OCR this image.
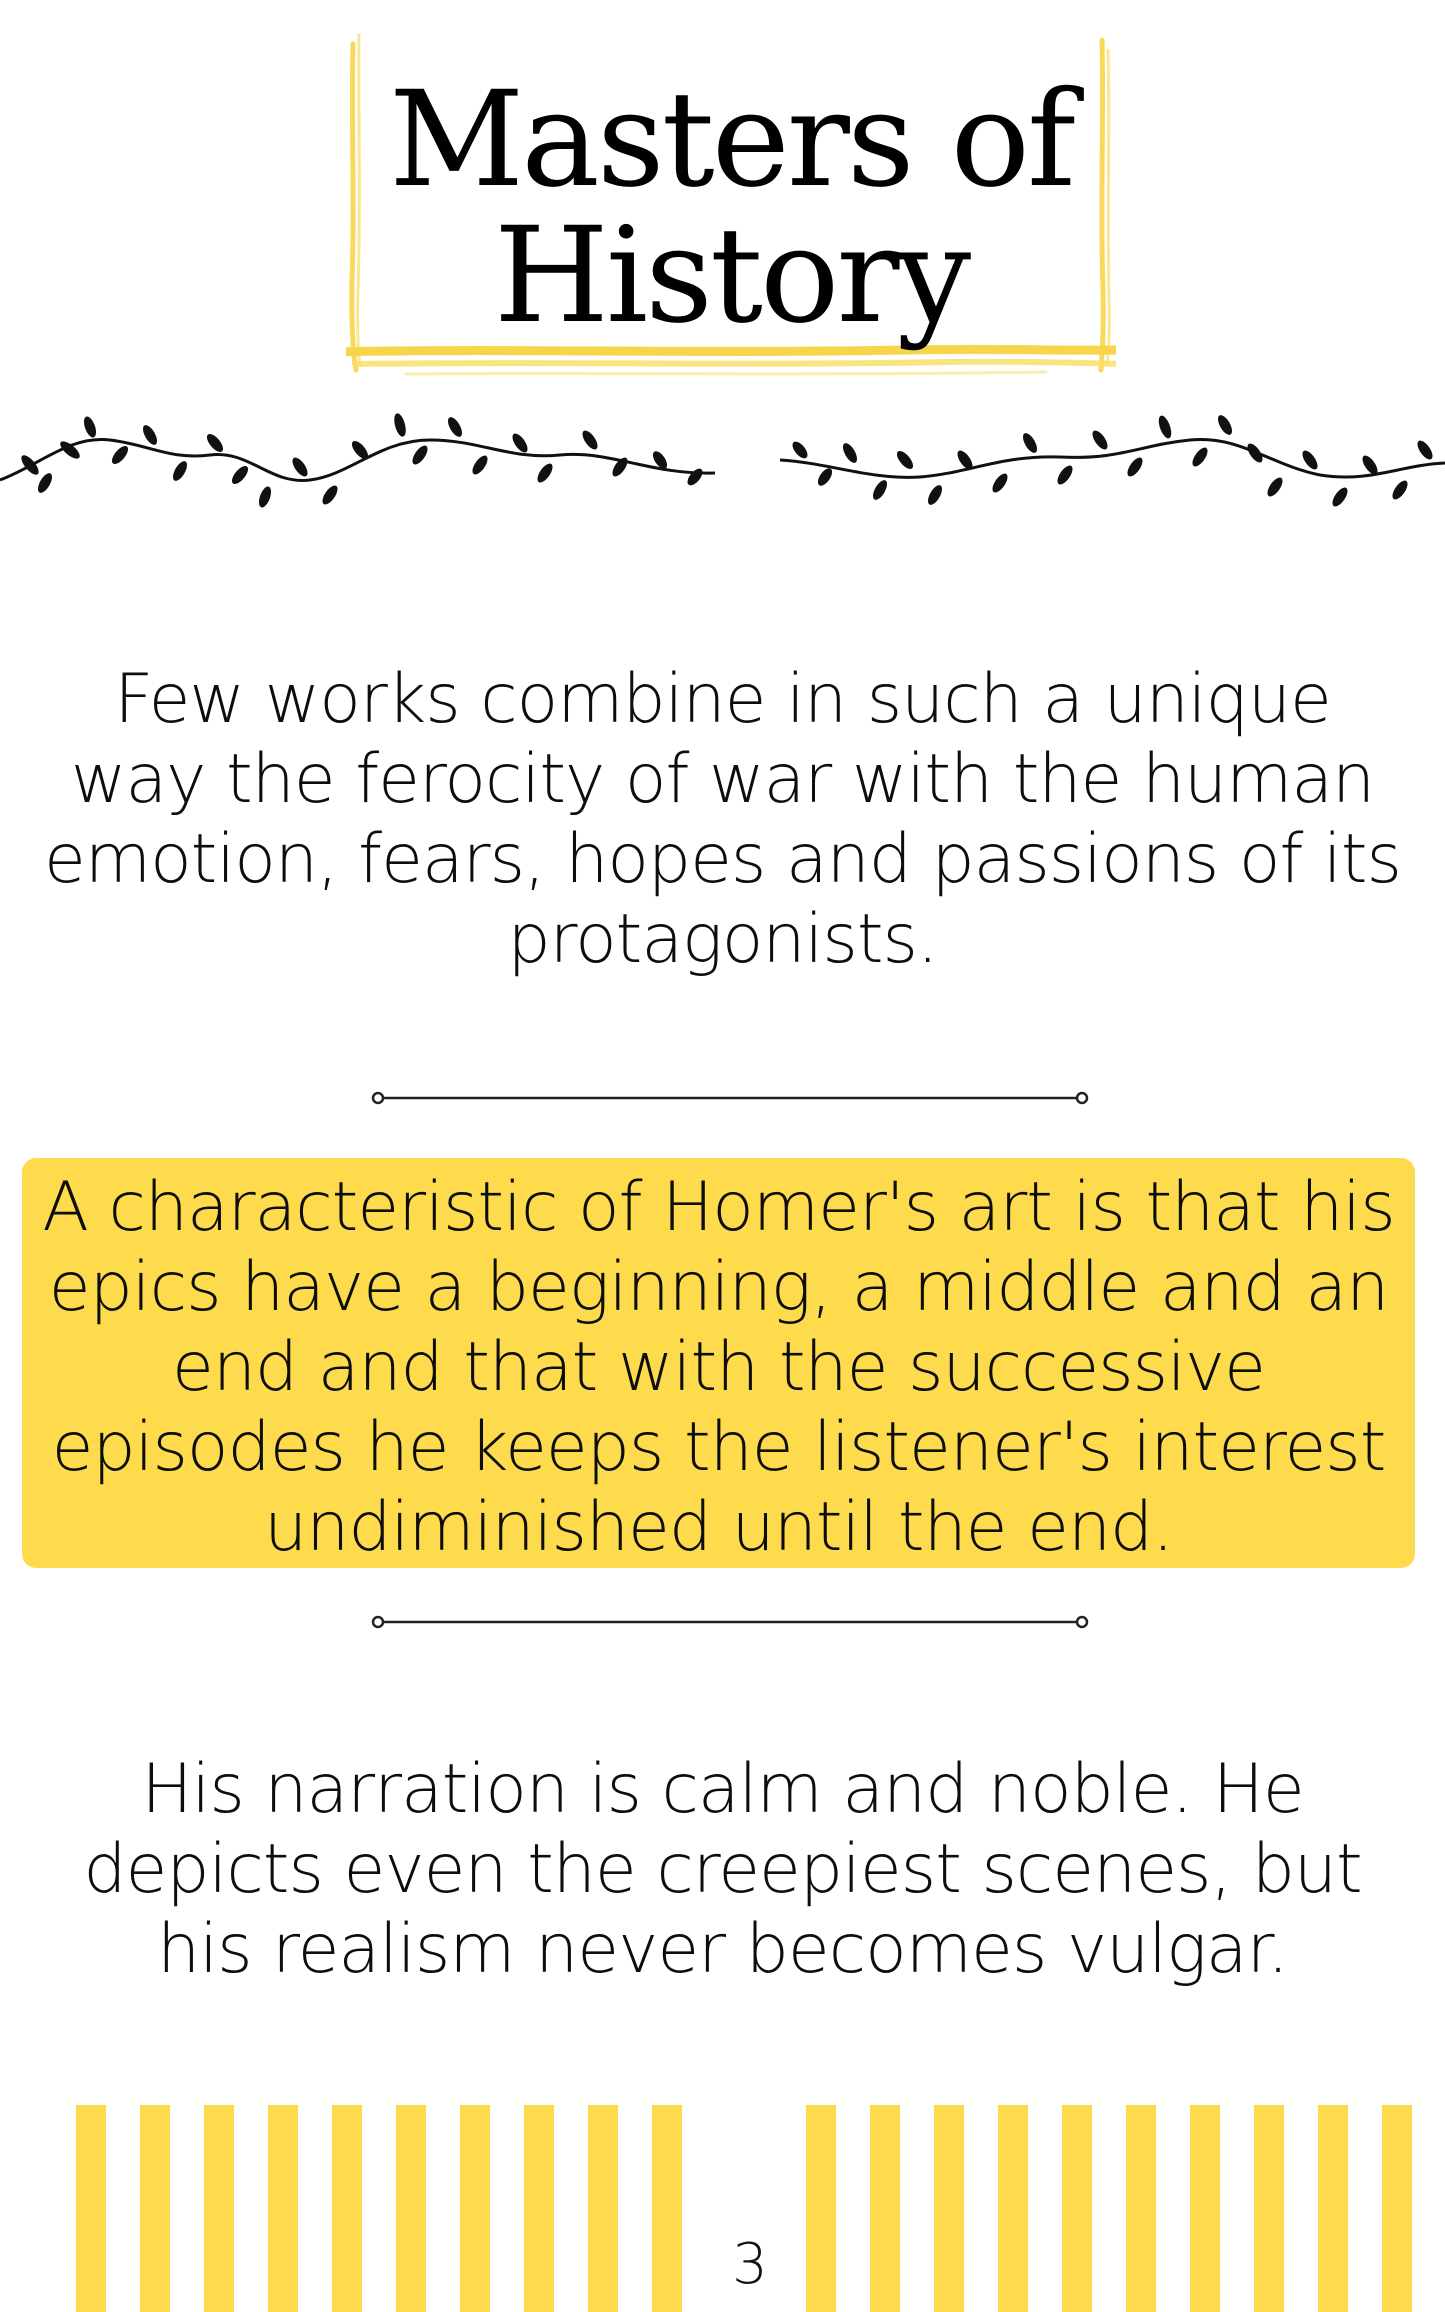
Masters of
History
Few works combine in such a unique way the ferocity of war with the human emotion, fears, hopes and passions of its protagonists.
A characteristic of Homer's art is that his epics have a beginning, a middle and an end and that with the successive episodes he keeps the listener's interest undiminished until the end.
His narration is calm and noble. He depicts even the creepiest scenes, but his realism never becomes vulgar.
3
